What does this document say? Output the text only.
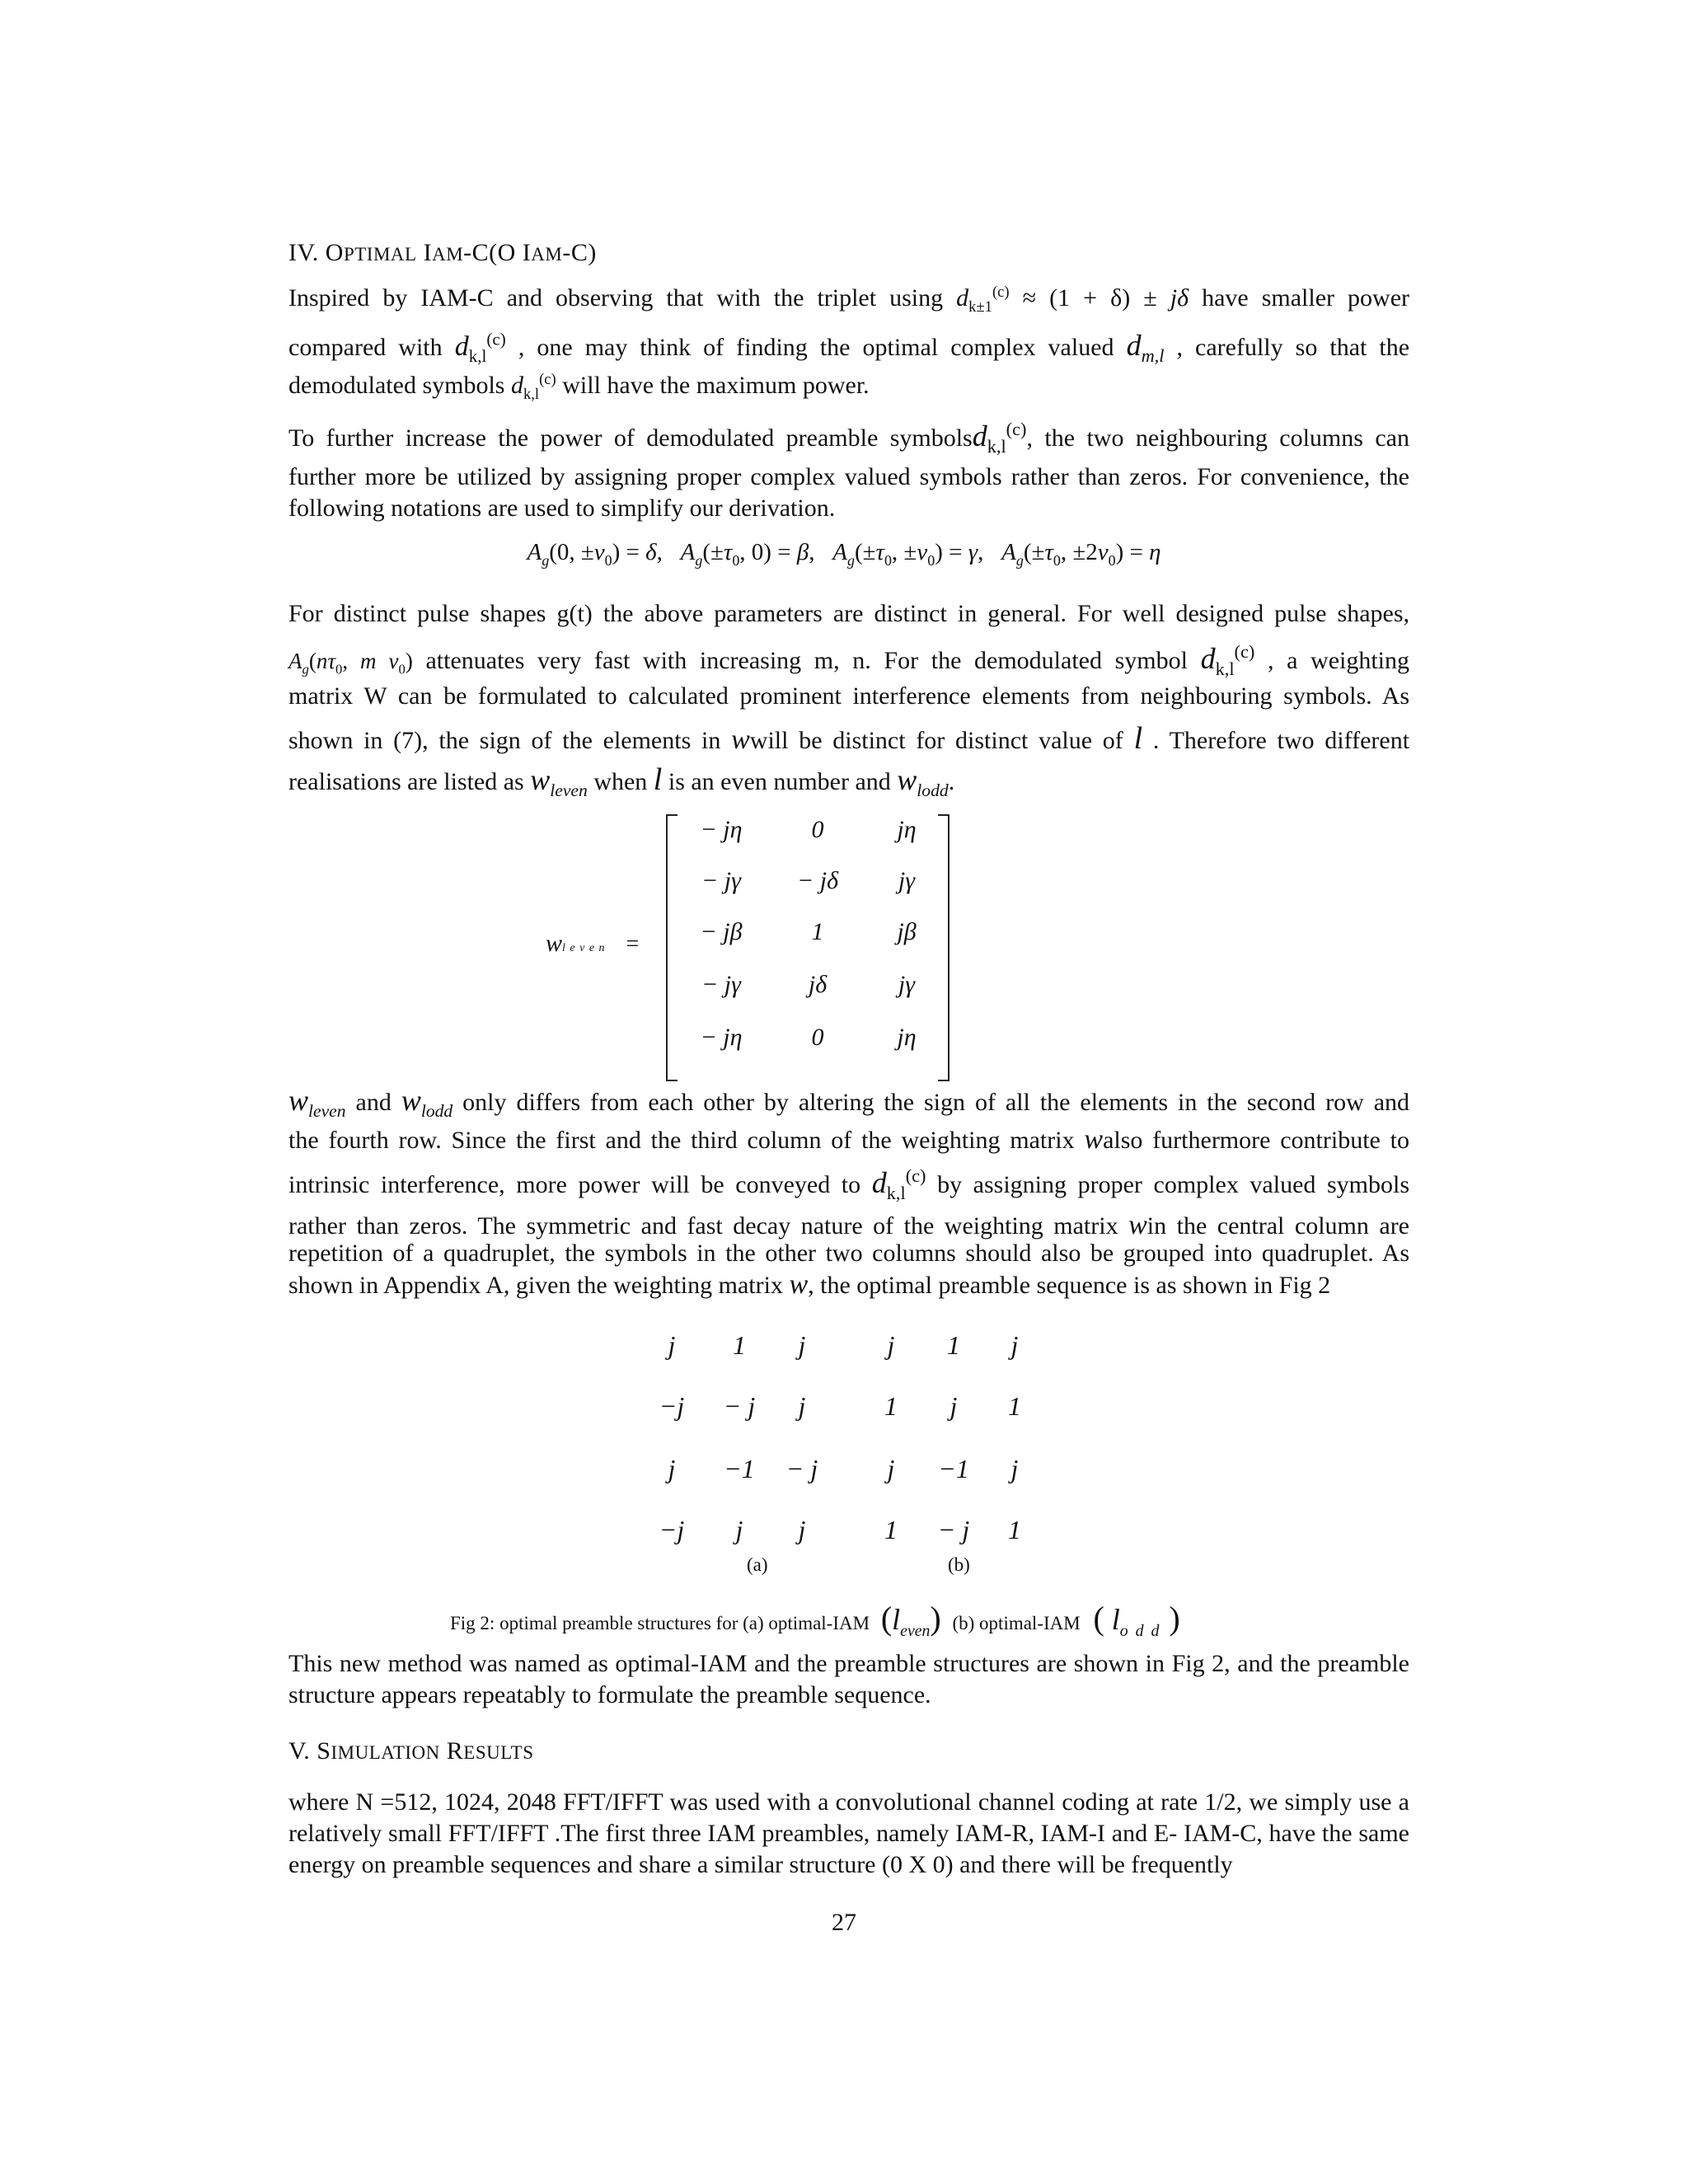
IV. OPTIMAL IAM-C(O IAM-C)
Inspired by IAM-C and observing that with the triplet using $d_{k\pm 1}^{(c)} \approx (1 + \delta) \pm j\delta$ have smaller power
compared with $d_{k,l}^{(c)}$ , one may think of finding the optimal complex valued $d_{m,l}$ , carefully so that the
demodulated symbols $d_{k,l}^{(c)}$ will have the maximum power.
To further increase the power of demodulated preamble symbolsd$_{k,l}^{(c)}$, the two neighbouring columns can

further more be utilized by assigning proper complex valued symbols rather than zeros. For convenience, the following notations are used to simplify our derivation.

$A_g(0$, $\pm v_0) = \delta$,   $A_g(\pm\tau_0$, 0) = β,   $A_g(\pm\tau_0$, $\pm v_0) = \gamma$,   $A_g(\pm\tau_0$, $\pm 2v_0) = \eta$
For distinct pulse shapes g(t) the above parameters are distinct in general. For well designed pulse shapes,
$A_g(n\tau_0$, m $v_0$) attenuates very fast with increasing m, n. For the demodulated symbol $d_{k,l}^{(c)}$ , a weighting
matrix W can be formulated to calculated prominent interference elements from neighbouring symbols. As
shown in (7), the sign of the elements in wwill be distinct for distinct value of l . Therefore two different
realisations are listed as $w_{leven}$ when l is an even number and $w_{lodd}$.
wl e v e n =
− jη	0	jη
− jγ	− jδ	jγ
− jβ	1	jβ
− jγ	jδ	jγ
− jη	0	jη
$w_{leven}$ and $w_{lodd}$ only differs from each other by altering the sign of all the elements in the second row and
the fourth row. Since the first and the third column of the weighting matrix walso furthermore contribute to
intrinsic interference, more power will be conveyed to $d_{k,l}^{(c)}$ by assigning proper complex valued symbols
rather than zeros. The symmetric and fast decay nature of the weighting matrix win the central column are
repetition of a quadruplet, the symbols in the other two columns should also be grouped into quadruplet. As
shown in Appendix A, given the weighting matrix w, the optimal preamble sequence is as shown in Fig 2
j	1	j
−j	− j	j
j	−1	− j
−j	j	j
j	1	j
1	j	1
j	−1	j
1	− j	1
(a)	(b)
Fig 2: optimal preamble structures for (a) optimal-IAM $(l_{even})$ (b) optimal-IAM ( $l_{o d d}$ )

This new method was named as optimal-IAM and the preamble structures are shown in Fig 2, and the preamble structure appears repeatably to formulate the preamble sequence.

V. SIMULATION RESULTS

where N =512, 1024, 2048 FFT/IFFT was used with a convolutional channel coding at rate 1/2, we simply use a relatively small FFT/IFFT .The first three IAM preambles, namely IAM-R, IAM-I and E- IAM-C, have the same energy on preamble sequences and share a similar structure (0 X 0) and there will be frequently

27
